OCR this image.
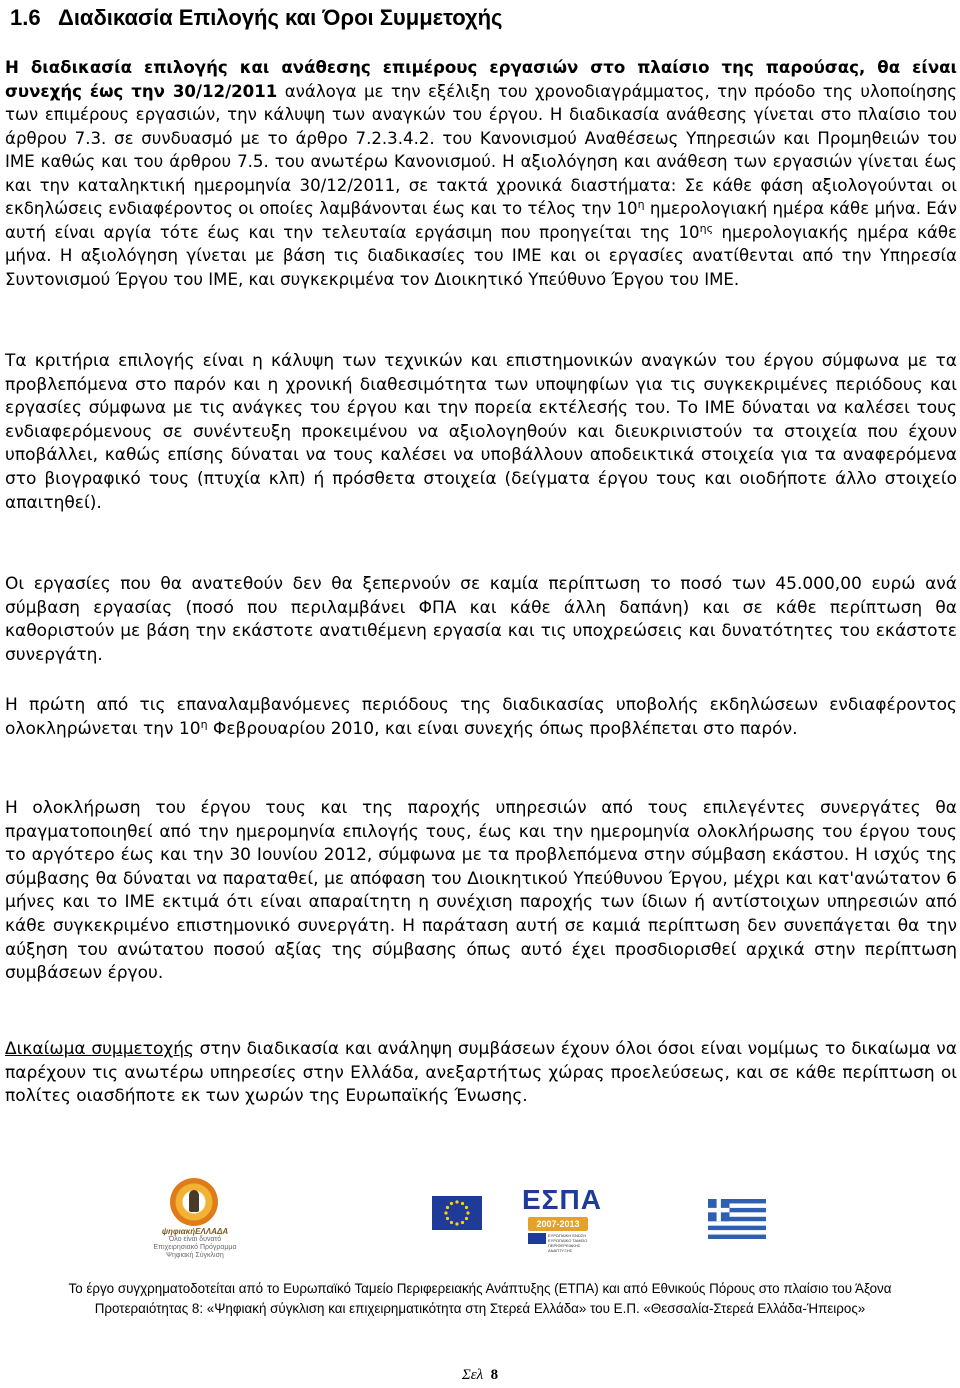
1.6 Διαδικασία Επιλογής και Όροι Συμμετοχής

Η διαδικασία επιλογής και ανάθεσης επιμέρους εργασιών στο πλαίσιο της παρούσας, θα είναι συνεχής έως την 30/12/2011 ανάλογα με την εξέλιξη του χρονοδιαγράμματος, την πρόοδο της υλοποίησης των επιμέρους εργασιών, την κάλυψη των αναγκών του έργου. Η διαδικασία ανάθεσης γίνεται στο πλαίσιο του άρθρου 7.3. σε συνδυασμό με το άρθρο 7.2.3.4.2. του Κανονισμού Αναθέσεως Υπηρεσιών και Προμηθειών του ΙΜΕ καθώς και του άρθρου 7.5. του ανωτέρω Κανονισμού. Η αξιολόγηση και ανάθεση των εργασιών γίνεται έως και την καταληκτική ημερομηνία 30/12/2011, σε τακτά χρονικά διαστήματα: Σε κάθε φάση αξιολογούνται οι εκδηλώσεις ενδιαφέροντος οι οποίες λαμβάνονται έως και το τέλος την $10^\eta$ ημερολογιακή ημέρα κάθε μήνα. Εάν αυτή είναι αργία τότε έως και την τελευταία εργάσιμη που προηγείται της $10^{\eta\varsigma}$ ημερολογιακής ημέρα κάθε μήνα. Η αξιολόγηση γίνεται με βάση τις διαδικασίες του ΙΜΕ και οι εργασίες ανατίθενται από την Υπηρεσία Συντονισμού Έργου του ΙΜΕ, και συγκεκριμένα τον Διοικητικό Υπεύθυνο Έργου του ΙΜΕ.

Τα κριτήρια επιλογής είναι η κάλυψη των τεχνικών και επιστημονικών αναγκών του έργου σύμφωνα με τα προβλεπόμενα στο παρόν και η χρονική διαθεσιμότητα των υποψηφίων για τις συγκεκριμένες περιόδους και εργασίες σύμφωνα με τις ανάγκες του έργου και την πορεία εκτέλεσής του. Το ΙΜΕ δύναται να καλέσει τους ενδιαφερόμενους σε συνέντευξη προκειμένου να αξιολογηθούν και διευκρινιστούν τα στοιχεία που έχουν υποβάλλει, καθώς επίσης δύναται να τους καλέσει να υποβάλλουν αποδεικτικά στοιχεία για τα αναφερόμενα στο βιογραφικό τους (πτυχία κλπ) ή πρόσθετα στοιχεία (δείγματα έργου τους και οιοδήποτε άλλο στοιχείο απαιτηθεί).

Οι εργασίες που θα ανατεθούν δεν θα ξεπερνούν σε καμία περίπτωση το ποσό των 45.000,00 ευρώ ανά σύμβαση εργασίας (ποσό που περιλαμβάνει ΦΠΑ και κάθε άλλη δαπάνη) και σε κάθε περίπτωση θα καθοριστούν με βάση την εκάστοτε ανατιθέμενη εργασία και τις υποχρεώσεις και δυνατότητες του εκάστοτε συνεργάτη.

Η πρώτη από τις επαναλαμβανόμενες περιόδους της διαδικασίας υποβολής εκδηλώσεων ενδιαφέροντος ολοκληρώνεται την $10^\eta$ Φεβρουαρίου 2010, και είναι συνεχής όπως προβλέπεται στο παρόν.

Η ολοκλήρωση του έργου τους και της παροχής υπηρεσιών από τους επιλεγέντες συνεργάτες θα πραγματοποιηθεί από την ημερομηνία επιλογής τους, έως και την ημερομηνία ολοκλήρωσης του έργου τους το αργότερο έως και την 30 Ιουνίου 2012, σύμφωνα με τα προβλεπόμενα στην σύμβαση εκάστου. Η ισχύς της σύμβασης θα δύναται να παραταθεί, με απόφαση του Διοικητικού Υπεύθυνου Έργου, μέχρι και κατ'ανώτατον 6 μήνες και το ΙΜΕ εκτιμά ότι είναι απαραίτητη η συνέχιση παροχής των ίδιων ή αντίστοιχων υπηρεσιών από κάθε συγκεκριμένο επιστημονικό συνεργάτη. Η παράταση αυτή σε καμιά περίπτωση δεν συνεπάγεται θα την αύξηση του ανώτατου ποσού αξίας της σύμβασης όπως αυτό έχει προσδιορισθεί αρχικά στην περίπτωση συμβάσεων έργου.

Δικαίωμα συμμετοχής στην διαδικασία και ανάληψη συμβάσεων έχουν όλοι όσοι είναι νομίμως το δικαίωμα να παρέχουν τις ανωτέρω υπηρεσίες στην Ελλάδα, ανεξαρτήτως χώρας προελεύσεως, και σε κάθε περίπτωση οι πολίτες οιασδήποτε εκ των χωρών της Ευρωπαϊκής Ένωσης.

ψηφιακήΕΛΛΑΔΑ
Όλο είναι δυνατό
Επιχειρησιακό Πρόγραμμα Ψηφιακή Σύγκλιση
ΕΣΠΑ
2007-2013
ΕΥΡΩΠΑΪΚΗ ΕΝΩΣΗ ΕΥΡΩΠΑΪΚΟ ΤΑΜΕΙΟ ΠΕΡΙΦΕΡΕΙΑΚΗΣ ΑΝΑΠΤΥΞΗΣ
Το έργο συγχρηματοδοτείται από το Ευρωπαϊκό Ταμείο Περιφερειακής Ανάπτυξης (ΕΤΠΑ) και από Εθνικούς Πόρους στο πλαίσιο του Άξονα
Προτεραιότητας 8: «Ψηφιακή σύγκλιση και επιχειρηματικότητα στη Στερεά Ελλάδα» του Ε.Π. «Θεσσαλία-Στερεά Ελλάδα-Ήπειρος»
Σελ 8
